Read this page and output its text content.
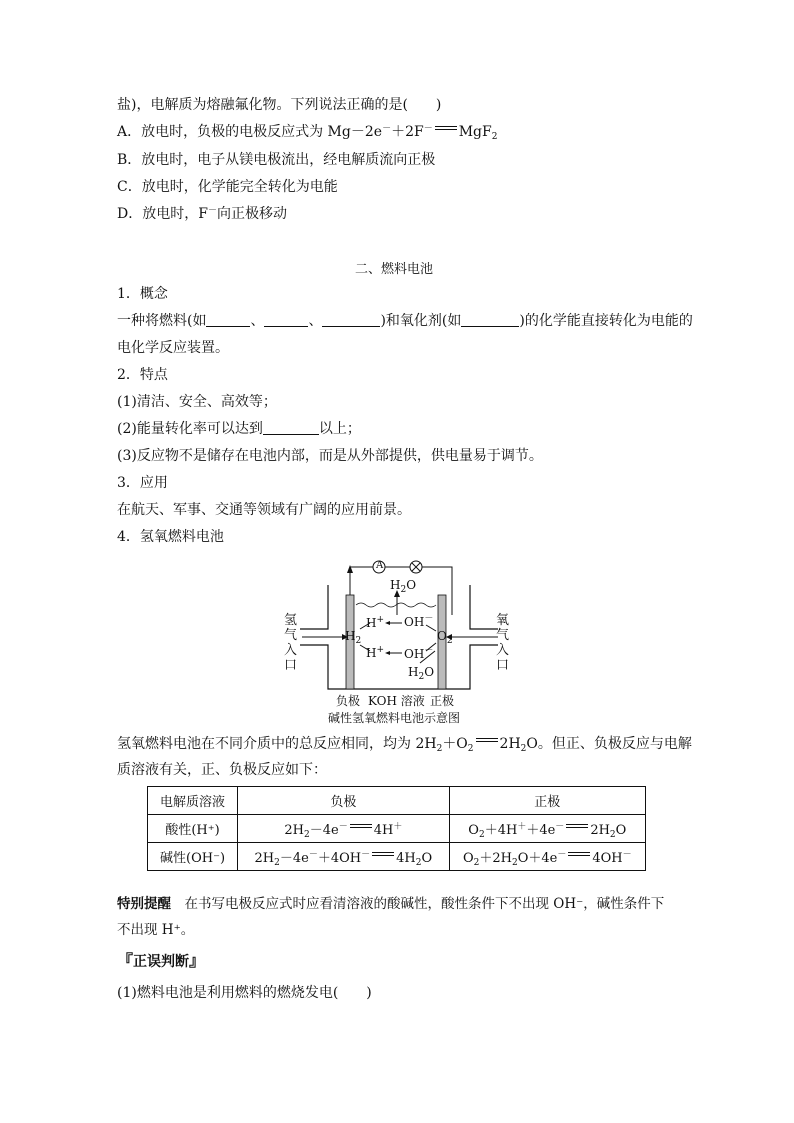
盐)，电解质为熔融氟化物。下列说法正确的是(　　)
A．放电时，负极的电极反应式为 Mg－2e－＋2F－ MgF$_2$
B．放电时，电子从镁电极流出，经电解质流向正极
C．放电时，化学能完全转化为电能
D．放电时，F－向正极移动
二、燃料电池
1．概念
一种将燃料(如	、	、	)和氧化剂(如	)的化学能直接转化为电能的
电化学反应装置。
2．特点
(1)清洁、安全、高效等；
(2)能量转化率可以达到	以上；
(3)反应物不是储存在电池内部，而是从外部提供，供电量易于调节。
3．应用
在航天、军事、交通等领域有广阔的应用前景。
4．氢氧燃料电池
A
$H_2O$
H+ OH－
H+ OH－
$H_2$	$O_2$
$H_2O$
氢
气
入
口
氧
气
入
口
负极 KOH 溶液 正极
碱性氢氧燃料电池示意图
氢氧燃料电池在不同介质中的总反应相同，均为 $2H_2+O_2$ $2H_2O$。但正、负极反应与电解
质溶液有关，正、负极反应如下：
电解质溶液	负极	正极
酸性(H⁺)	$2H_2-4e^-$ 4H＋	$O_2+4H^++4e^-$ $2H_2O$
碱性(OH⁻)	$2H_2-4e^-+4OH^-$ $4H_2O$	$O_2+2H_2O+4e^-$ 4OH－
特别提醒　在书写电极反应式时应看清溶液的酸碱性，酸性条件下不出现 OH⁻，碱性条件下
不出现 H⁺。
『正误判断』
(1)燃料电池是利用燃料的燃烧发电(　　)
